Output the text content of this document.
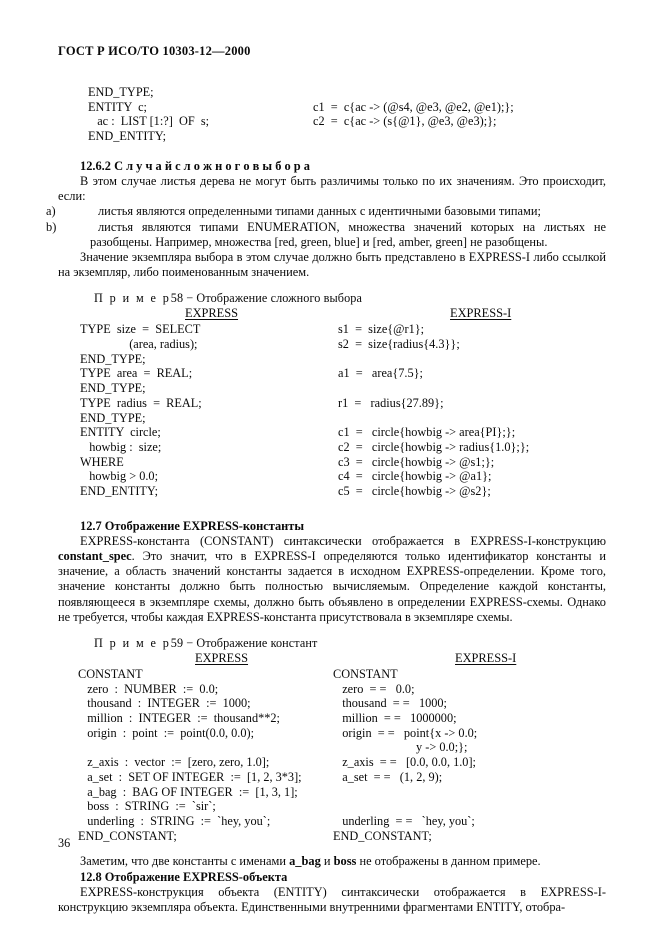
ГОСТ Р ИСО/ТО 10303-12—2000
END_TYPE;
ENTITY  c;	c1  =  c{ac -> (@s4, @e3, @e2, @e1);};
ac :  LIST [1:?]  OF  s;	c2  =  c{ac -> (s{@1}, @e3, @e3);};
END_ENTITY;
12.6.2 С л у ч а й с л о ж н о г о в ы б о р а

В этом случае листья дерева не могут быть различимы только по их значениям. Это происходит, если:

a)	листья являются определенными типами данных с идентичными базовыми типами;

b)	листья являются типами ENUMERATION, множества значений которых на листьях не разобщены. Например, множества [red, green, blue] и [red, amber, green] не разобщены.

Значение экземпляра выбора в этом случае должно быть представлено в EXPRESS-I либо ссылкой на экземпляр, либо поименованным значением.

П р и м е р58 − Отображение сложного выбора

EXPRESS	EXPRESS-I
TYPE  size  =  SELECT	s1  =  size{@r1};
(area, radius);	s2  =  size{radius{4.3}};
END_TYPE;
TYPE  area  =  REAL;	a1  =   area{7.5};
END_TYPE;
TYPE  radius  =  REAL;	r1  =   radius{27.89};
END_TYPE;
ENTITY  circle;	c1  =   circle{howbig -> area{PI};};
howbig :  size;	c2  =   circle{howbig -> radius{1.0};};
WHERE	c3  =   circle{howbig -> @s1;};
howbig > 0.0;	c4  =   circle{howbig -> @a1};
END_ENTITY;	c5  =   circle{howbig -> @s2};
12.7 Отображение EXPRESS-константы

EXPRESS-константа (CONSTANT) синтаксически отображается в EXPRESS-I-конструкцию constant_spec. Это значит, что в EXPRESS-I определяются только идентификатор константы и значение, а область значений константы задается в исходном EXPRESS-определении. Кроме того, значение константы должно быть полностью вычисляемым. Определение каждой константы, появляющееся в экземпляре схемы, должно быть объявлено в определении EXPRESS-схемы. Однако не требуется, чтобы каждая EXPRESS-константа присутствовала в экземпляре схемы.

П р и м е р59 − Отображение констант

EXPRESS	EXPRESS-I
CONSTANT	CONSTANT
zero  :  NUMBER  :=  0.0;	zero  = =   0.0;
thousand  :  INTEGER  :=  1000;	thousand  = =   1000;
million  :  INTEGER  :=  thousand**2;	million  = =   1000000;
origin  :  point  :=  point(0.0, 0.0);	origin  = =   point{x -> 0.0;
y -> 0.0;};
z_axis  :  vector  :=  [zero, zero, 1.0];	z_axis  = =   [0.0, 0.0, 1.0];
a_set  :  SET OF INTEGER  :=  [1, 2, 3*3];	a_set  = =   (1, 2, 9);
a_bag  :  BAG OF INTEGER  :=  [1, 3, 1];
boss  :  STRING  :=  `sir`;
underling  :  STRING  :=  `hey, you`;	underling  = =   `hey, you`;
END_CONSTANT;	END_CONSTANT;

Заметим, что две константы с именами a_bag и boss не отображены в данном примере.

12.8 Отображение EXPRESS-объекта

EXPRESS-конструкция объекта (ENTITY) синтаксически отображается в EXPRESS-I-конструкцию экземпляра объекта. Единственными внутренними фрагментами ENTITY, отобра-

36
